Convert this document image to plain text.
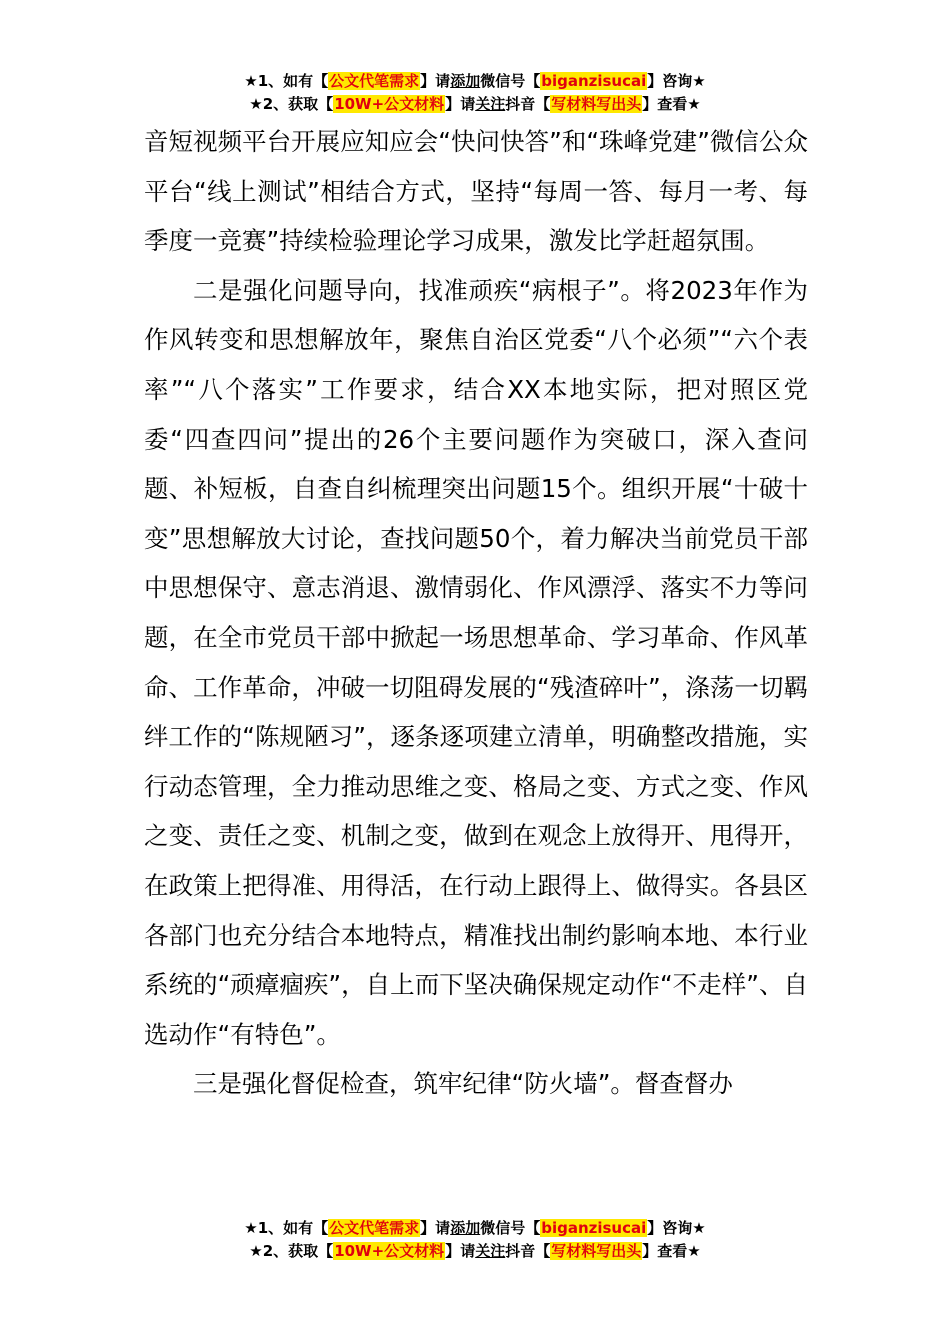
★1、如有【公文代笔需求】请添加微信号【biganzisucai】咨询★
★2、获取【10W+公文材料】请关注抖音【写材料写出头】查看★

音短视频平台开展应知应会“快问快答”和“珠峰党建”微信公众平台“线上测试”相结合方式，坚持“每周一答、每月一考、每季度一竞赛”持续检验理论学习成果，激发比学赶超氛围。

二是强化问题导向，找准顽疾“病根子”。将2023年作为作风转变和思想解放年，聚焦自治区党委“八个必须”“六个表率”“八个落实”工作要求，结合XX本地实际，把对照区党委“四查四问”提出的26个主要问题作为突破口，深入查问题、补短板，自查自纠梳理突出问题15个。组织开展“十破十变”思想解放大讨论，查找问题50个，着力解决当前党员干部中思想保守、意志消退、激情弱化、作风漂浮、落实不力等问题，在全市党员干部中掀起一场思想革命、学习革命、作风革命、工作革命，冲破一切阻碍发展的“残渣碎叶”，涤荡一切羁绊工作的“陈规陋习”，逐条逐项建立清单，明确整改措施，实行动态管理，全力推动思维之变、格局之变、方式之变、作风之变、责任之变、机制之变，做到在观念上放得开、甩得开，在政策上把得准、用得活，在行动上跟得上、做得实。各县区各部门也充分结合本地特点，精准找出制约影响本地、本行业系统的“顽瘴痼疾”，自上而下坚决确保规定动作“不走样”、自选动作“有特色”。

三是强化督促检查，筑牢纪律“防火墙”。督查督办

★1、如有【公文代笔需求】请添加微信号【biganzisucai】咨询★
★2、获取【10W+公文材料】请关注抖音【写材料写出头】查看★
